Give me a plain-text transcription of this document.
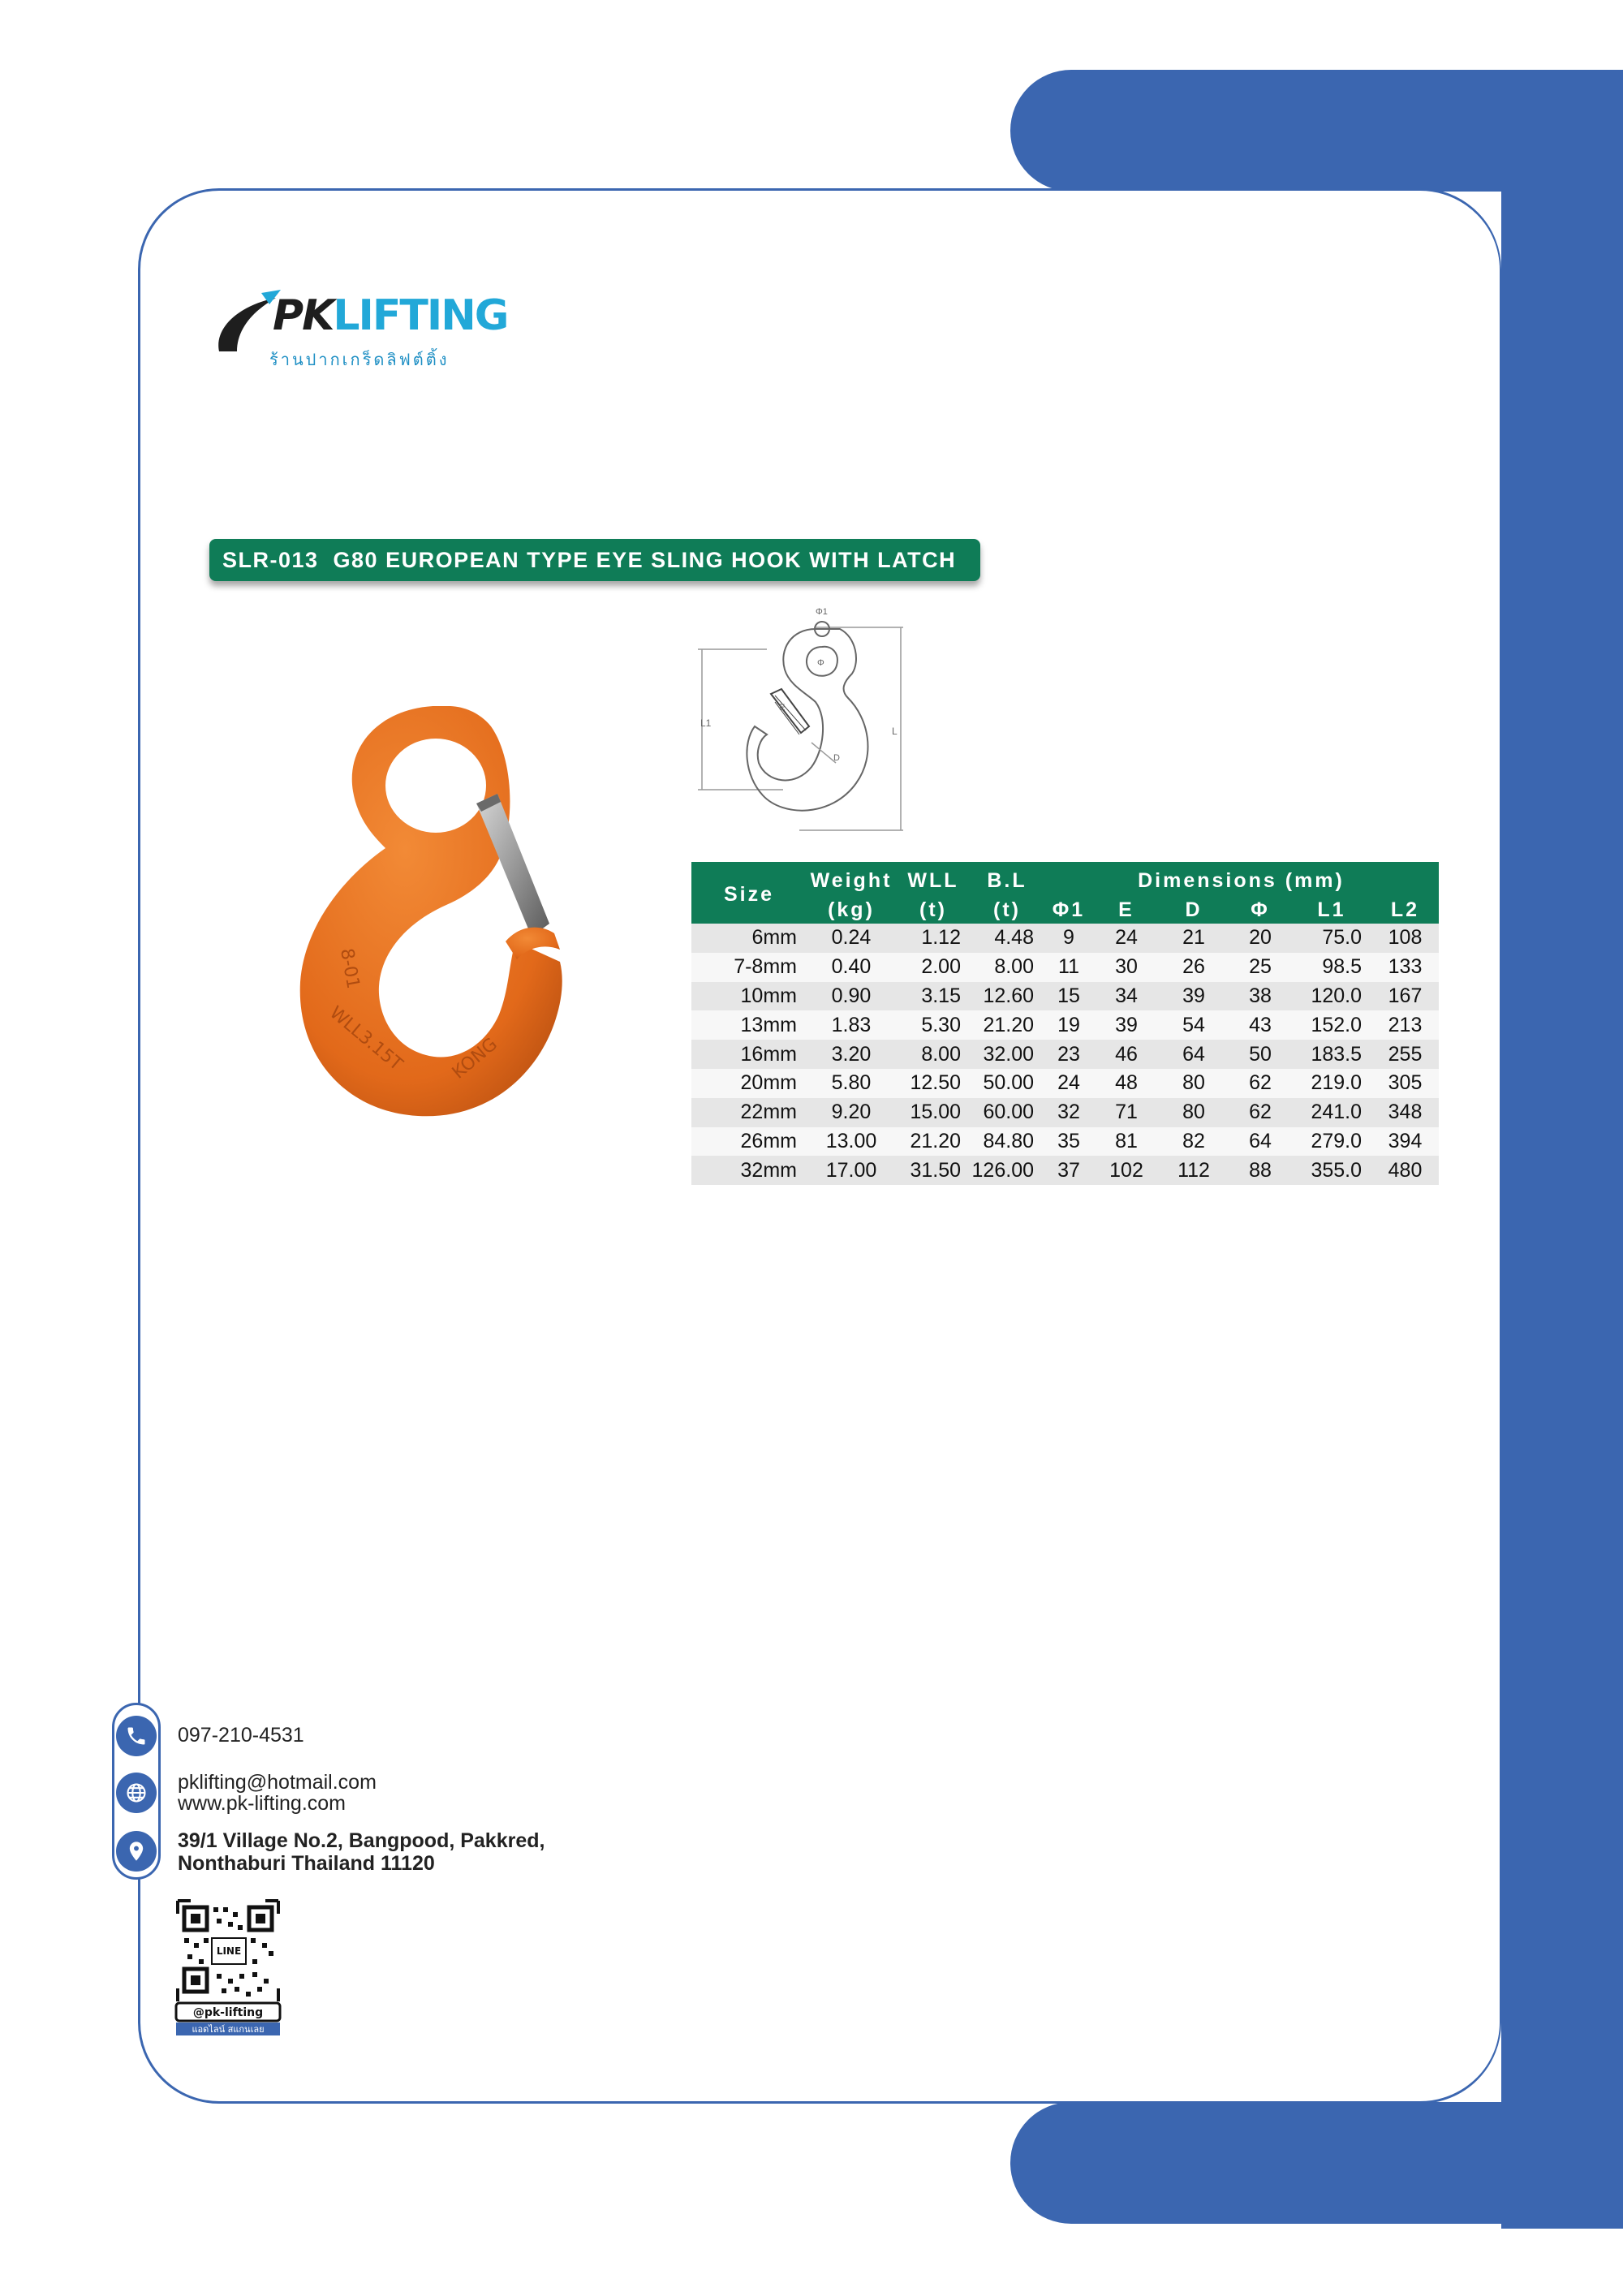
PKLIFTING
ร้านปากเกร็ดลิฟต์ติ้ง
SLR-013  G80 EUROPEAN TYPE EYE SLING HOOK WITH LATCH
L1
L
Φ1
Φ
E
D
8-01
WLL3.15T KONG
Size	Weight	WLL	B.L	Dimensions (mm)					
	(kg)	(t)	(t)	Φ1	E	D	Φ	L1	L2
6mm	0.24	1.12	4.48	9	24	21	20	75.0	108
7-8mm	0.40	2.00	8.00	11	30	26	25	98.5	133
10mm	0.90	3.15	12.60	15	34	39	38	120.0	167
13mm	1.83	5.30	21.20	19	39	54	43	152.0	213
16mm	3.20	8.00	32.00	23	46	64	50	183.5	255
20mm	5.80	12.50	50.00	24	48	80	62	219.0	305
22mm	9.20	15.00	60.00	32	71	80	62	241.0	348
26mm	13.00	21.20	84.80	35	81	82	64	279.0	394
32mm	17.00	31.50	126.00	37	102	112	88	355.0	480
097-210-4531
pklifting@hotmail.com
www.pk-lifting.com
39/1 Village No.2, Bangpood, Pakkred,
Nonthaburi Thailand 11120
LINE
@pk-lifting
แอดไลน์ สแกนเลย
